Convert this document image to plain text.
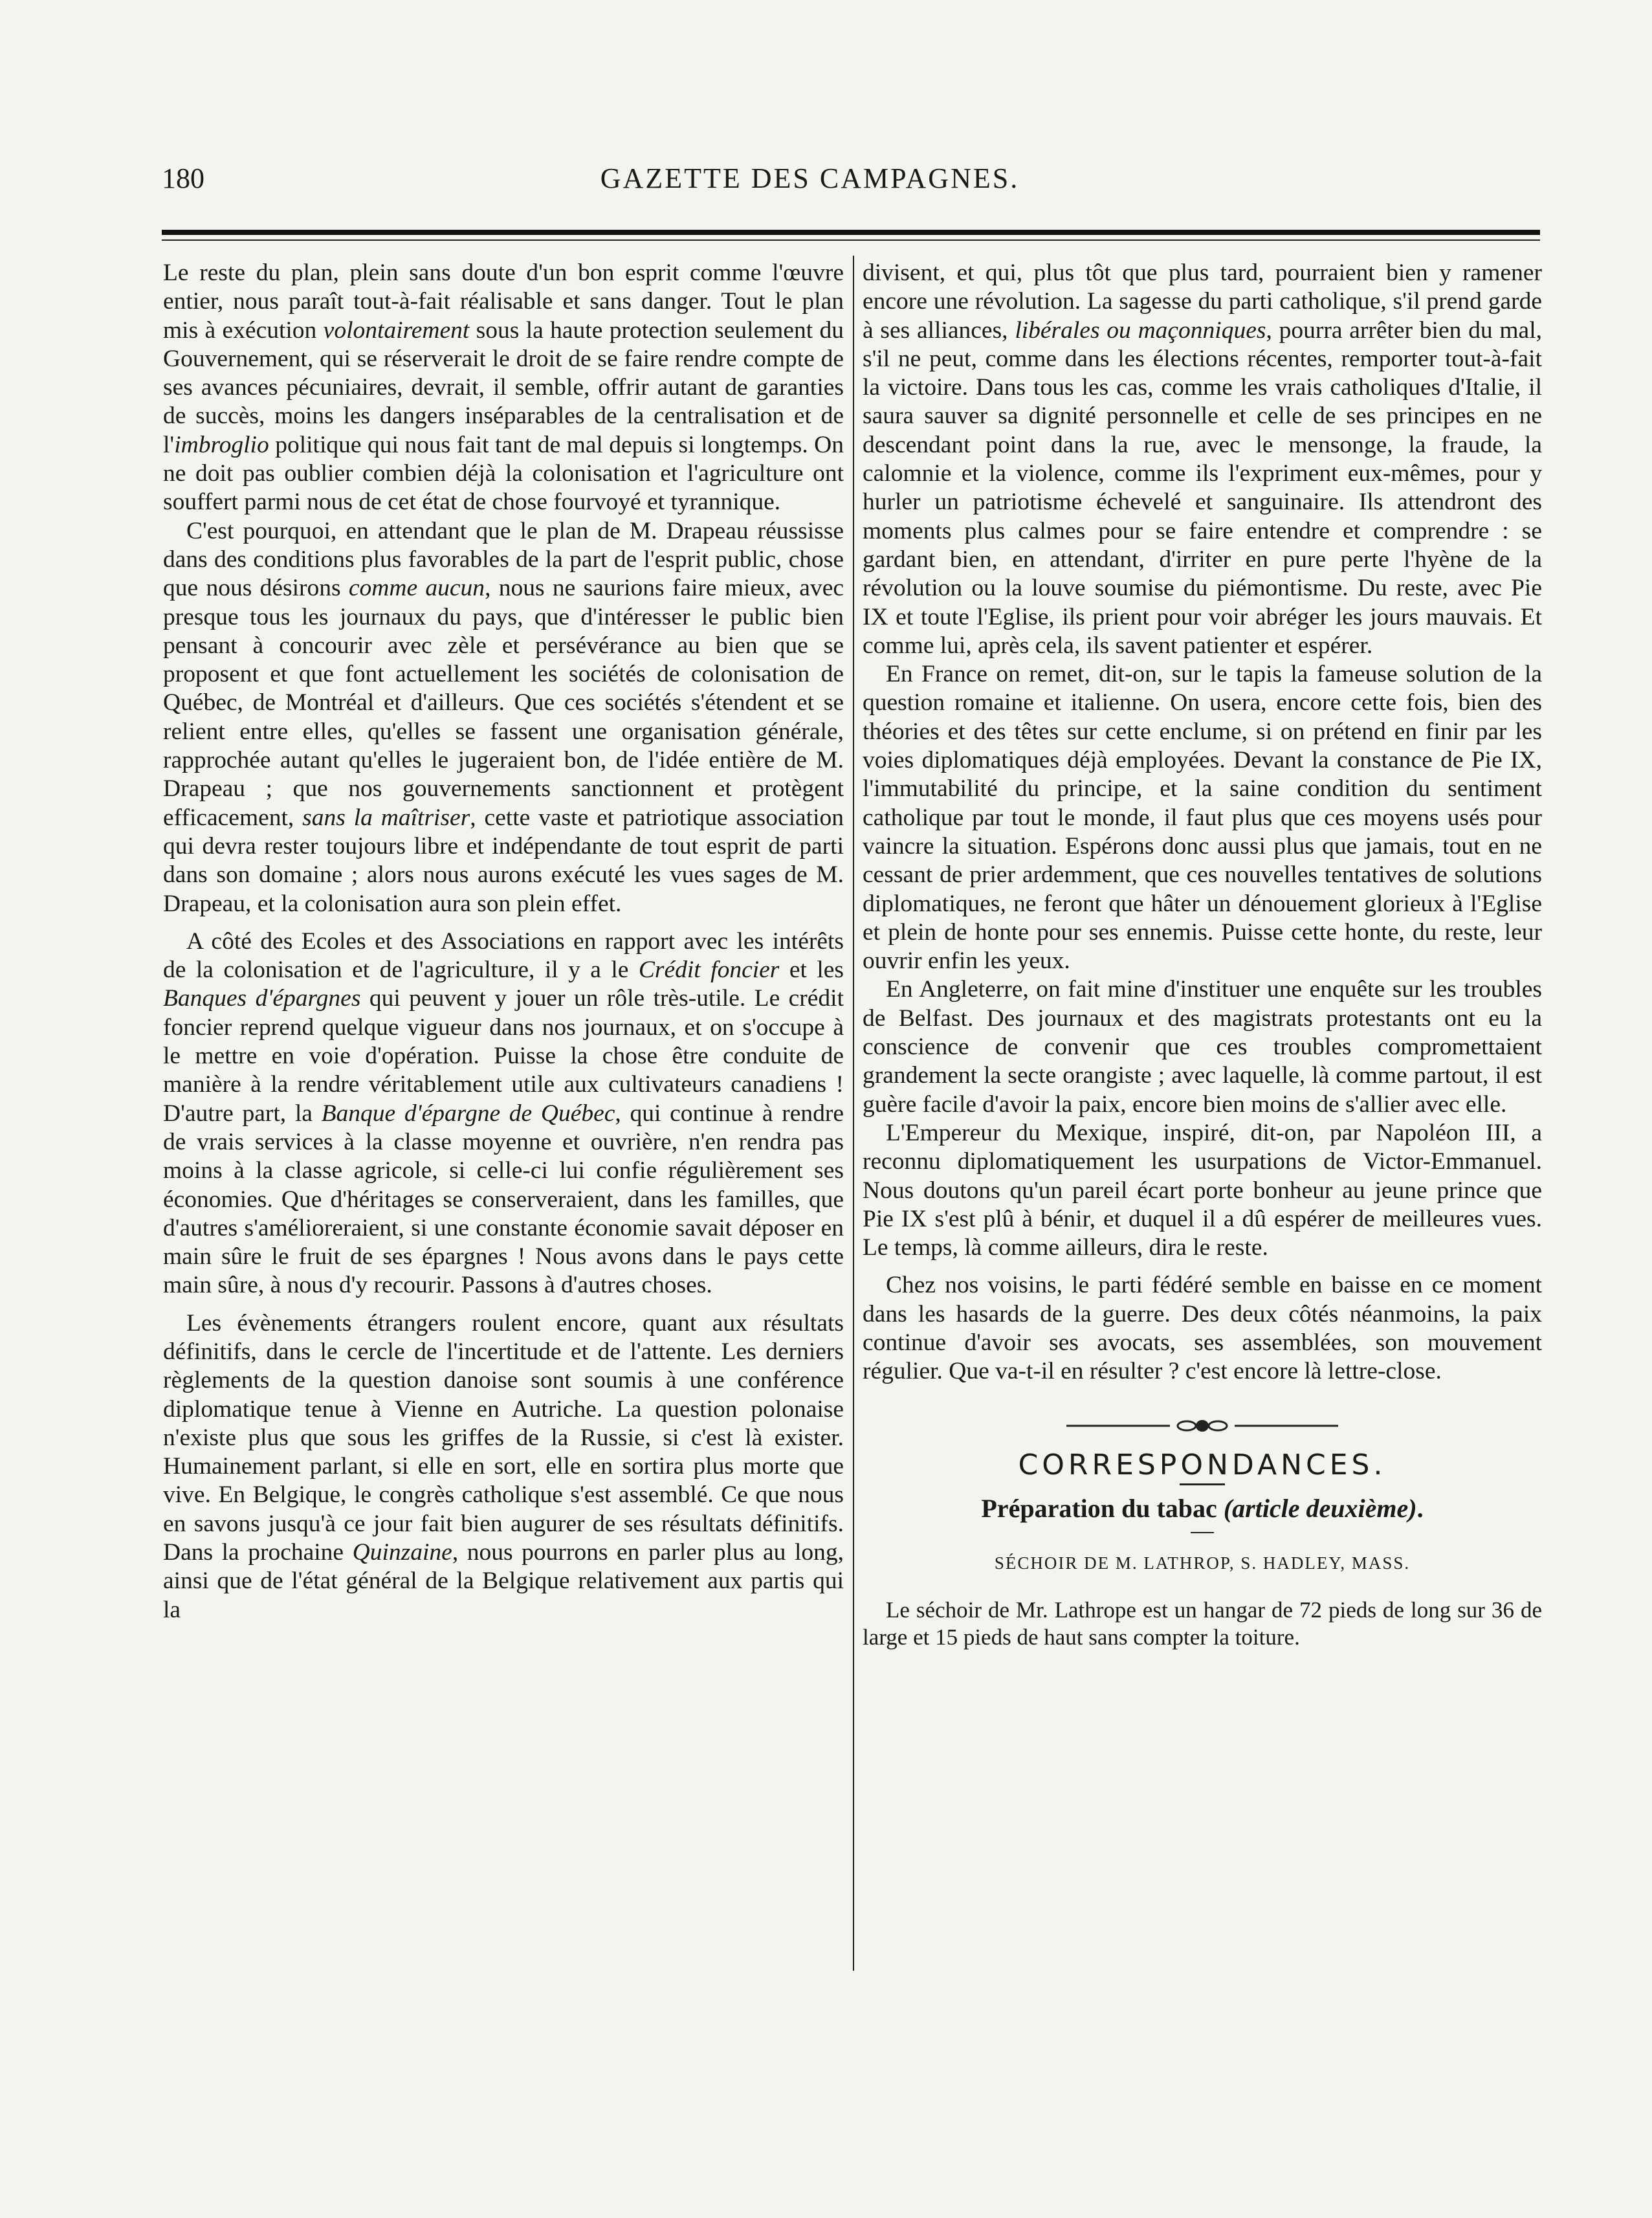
180	GAZETTE DES CAMPAGNES.

Le reste du plan, plein sans doute d'un bon esprit comme l'œuvre entier, nous paraît tout-à-fait réalisable et sans danger. Tout le plan mis à exécution volontairement sous la haute protection seulement du Gouvernement, qui se réserverait le droit de se faire rendre compte de ses avances pécuniaires, devrait, il semble, offrir autant de garanties de succès, moins les dangers inséparables de la centralisation et de l'imbroglio politique qui nous fait tant de mal depuis si longtemps. On ne doit pas oublier combien déjà la colonisation et l'agriculture ont souffert parmi nous de cet état de chose fourvoyé et tyrannique.

C'est pourquoi, en attendant que le plan de M. Drapeau réussisse dans des conditions plus favorables de la part de l'esprit public, chose que nous désirons comme aucun, nous ne saurions faire mieux, avec presque tous les journaux du pays, que d'intéresser le public bien pensant à concourir avec zèle et persévérance au bien que se proposent et que font actuellement les sociétés de colonisation de Québec, de Montréal et d'ailleurs. Que ces sociétés s'étendent et se relient entre elles, qu'elles se fassent une organisation générale, rapprochée autant qu'elles le jugeraient bon, de l'idée entière de M. Drapeau ; que nos gouvernements sanctionnent et protègent efficacement, sans la maîtriser, cette vaste et patriotique association qui devra rester toujours libre et indépendante de tout esprit de parti dans son domaine ; alors nous aurons exécuté les vues sages de M. Drapeau, et la colonisation aura son plein effet.

A côté des Ecoles et des Associations en rapport avec les intérêts de la colonisation et de l'agriculture, il y a le Crédit foncier et les Banques d'épargnes qui peuvent y jouer un rôle très-utile. Le crédit foncier reprend quelque vigueur dans nos journaux, et on s'occupe à le mettre en voie d'opération. Puisse la chose être conduite de manière à la rendre véritablement utile aux cultivateurs canadiens ! D'autre part, la Banque d'épargne de Québec, qui continue à rendre de vrais services à la classe moyenne et ouvrière, n'en rendra pas moins à la classe agricole, si celle-ci lui confie régulièrement ses économies. Que d'héritages se conserveraient, dans les familles, que d'autres s'amélioreraient, si une constante économie savait déposer en main sûre le fruit de ses épargnes ! Nous avons dans le pays cette main sûre, à nous d'y recourir. Passons à d'autres choses.

Les évènements étrangers roulent encore, quant aux résultats définitifs, dans le cercle de l'incertitude et de l'attente. Les derniers règlements de la question danoise sont soumis à une conférence diplomatique tenue à Vienne en Autriche. La question polonaise n'existe plus que sous les griffes de la Russie, si c'est là exister. Humainement parlant, si elle en sort, elle en sortira plus morte que vive. En Belgique, le congrès catholique s'est assemblé. Ce que nous en savons jusqu'à ce jour fait bien augurer de ses résultats définitifs. Dans la prochaine Quinzaine, nous pourrons en parler plus au long, ainsi que de l'état général de la Belgique relativement aux partis qui la

divisent, et qui, plus tôt que plus tard, pourraient bien y ramener encore une révolution. La sagesse du parti catholique, s'il prend garde à ses alliances, libérales ou maçonniques, pourra arrêter bien du mal, s'il ne peut, comme dans les élections récentes, remporter tout-à-fait la victoire. Dans tous les cas, comme les vrais catholiques d'Italie, il saura sauver sa dignité personnelle et celle de ses principes en ne descendant point dans la rue, avec le mensonge, la fraude, la calomnie et la violence, comme ils l'expriment eux-mêmes, pour y hurler un patriotisme échevelé et sanguinaire. Ils attendront des moments plus calmes pour se faire entendre et comprendre : se gardant bien, en attendant, d'irriter en pure perte l'hyène de la révolution ou la louve soumise du piémontisme. Du reste, avec Pie IX et toute l'Eglise, ils prient pour voir abréger les jours mauvais. Et comme lui, après cela, ils savent patienter et espérer.

En France on remet, dit-on, sur le tapis la fameuse solution de la question romaine et italienne. On usera, encore cette fois, bien des théories et des têtes sur cette enclume, si on prétend en finir par les voies diplomatiques déjà employées. Devant la constance de Pie IX, l'immutabilité du principe, et la saine condition du sentiment catholique par tout le monde, il faut plus que ces moyens usés pour vaincre la situation. Espérons donc aussi plus que jamais, tout en ne cessant de prier ardemment, que ces nouvelles tentatives de solutions diplomatiques, ne feront que hâter un dénouement glorieux à l'Eglise et plein de honte pour ses ennemis. Puisse cette honte, du reste, leur ouvrir enfin les yeux.

En Angleterre, on fait mine d'instituer une enquête sur les troubles de Belfast. Des journaux et des magistrats protestants ont eu la conscience de convenir que ces troubles compromettaient grandement la secte orangiste ; avec laquelle, là comme partout, il est guère facile d'avoir la paix, encore bien moins de s'allier avec elle.

L'Empereur du Mexique, inspiré, dit-on, par Napoléon III, a reconnu diplomatiquement les usurpations de Victor-Emmanuel. Nous doutons qu'un pareil écart porte bonheur au jeune prince que Pie IX s'est plû à bénir, et duquel il a dû espérer de meilleures vues. Le temps, là comme ailleurs, dira le reste.

Chez nos voisins, le parti fédéré semble en baisse en ce moment dans les hasards de la guerre. Des deux côtés néanmoins, la paix continue d'avoir ses avocats, ses assemblées, son mouvement régulier. Que va-t-il en résulter ? c'est encore là lettre-close.

CORRESPONDANCES.
Préparation du tabac (article deuxième).
SÉCHOIR DE M. LATHROP, S. HADLEY, MASS.

Le séchoir de Mr. Lathrope est un hangar de 72 pieds de long sur 36 de large et 15 pieds de haut sans compter la toiture.
